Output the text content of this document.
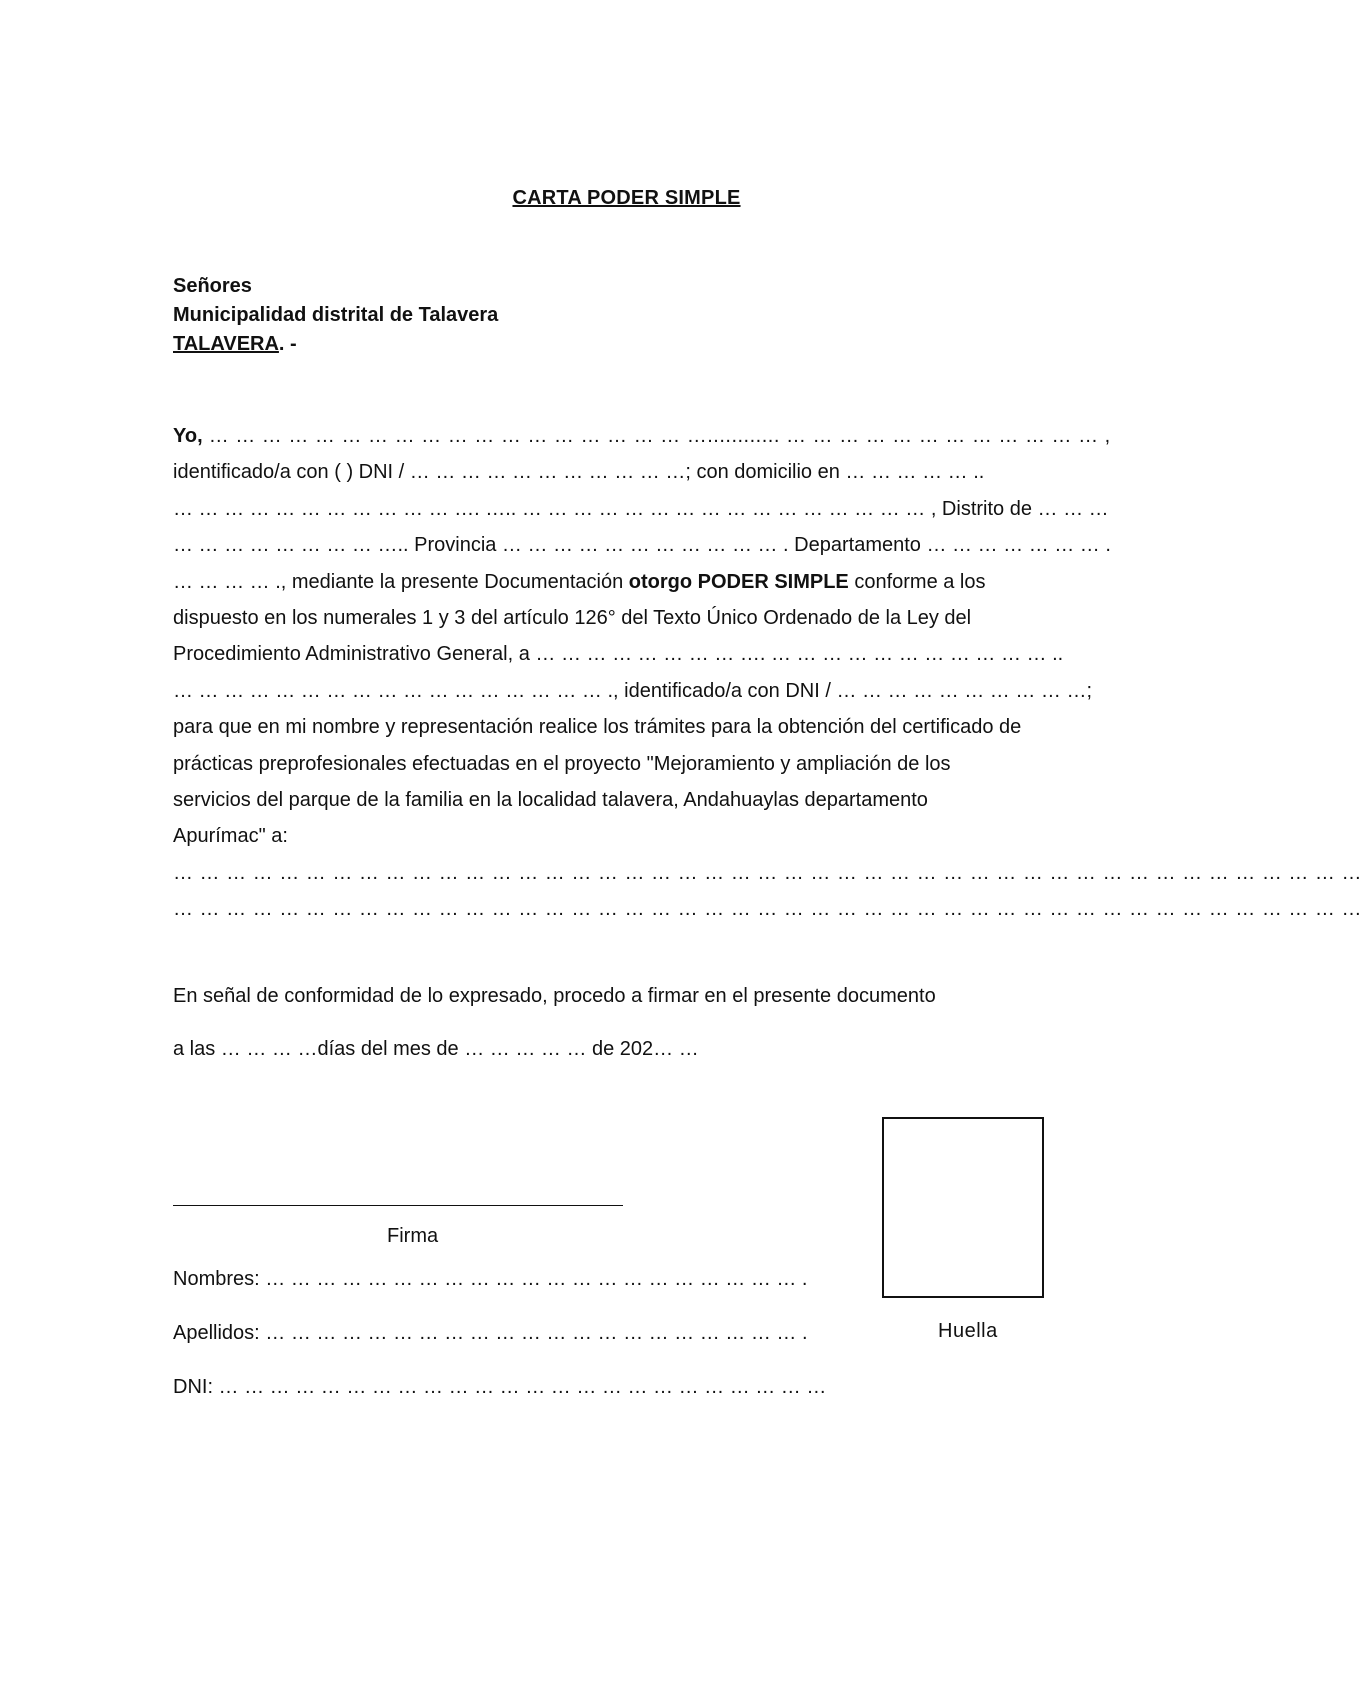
CARTA PODER SIMPLE
Señores
Municipalidad distrital de Talavera
TALAVERA. -
Yo, … … … … … … … … … … … … … … … … … … …............ … … … … … … … … … … … … ,
identificado/a con ( ) DNI / … … … … … … … … … … …; con domicilio en … … … … … ..
… … … … … … … … … … … …. ….. … … … … … … … … … … … … … … … … , Distrito de … … …
… … … … … … … … ….. Provincia … … … … … … … … … … … . Departamento … … … … … … … .
… … … … ., mediante la presente Documentación otorgo PODER SIMPLE conforme a los
dispuesto en los numerales 1 y 3 del artículo 126° del Texto Único Ordenado de la Ley del
Procedimiento Administrativo General, a … … … … … … … … …. … … … … … … … … … … … ..
… … … … … … … … … … … … … … … … … ., identificado/a con DNI / … … … … … … … … … …;
para que en mi nombre y representación realice los trámites para la obtención del certificado de
prácticas preprofesionales efectuadas en el proyecto "Mejoramiento y ampliación de los
servicios del parque de la familia en la localidad talavera, Andahuaylas departamento
Apurímac" a:
… … … … … … … … … … … … … … … … … … … … … … … … … … … … … … … … … … … … … … … … … … … … …
… … … … … … … … … … … … … … … … … … … … … … … … … … … … … … … … … … … … … … … … … … … … …
En señal de conformidad de lo expresado, procedo a firmar en el presente documento
a las … … … …días del mes de … … … … … de 202… …
Firma
Nombres: … … … … … … … … … … … … … … … … … … … … … .
Apellidos: … … … … … … … … … … … … … … … … … … … … … .
DNI: … … … … … … … … … … … … … … … … … … … … … … … …
Huella
